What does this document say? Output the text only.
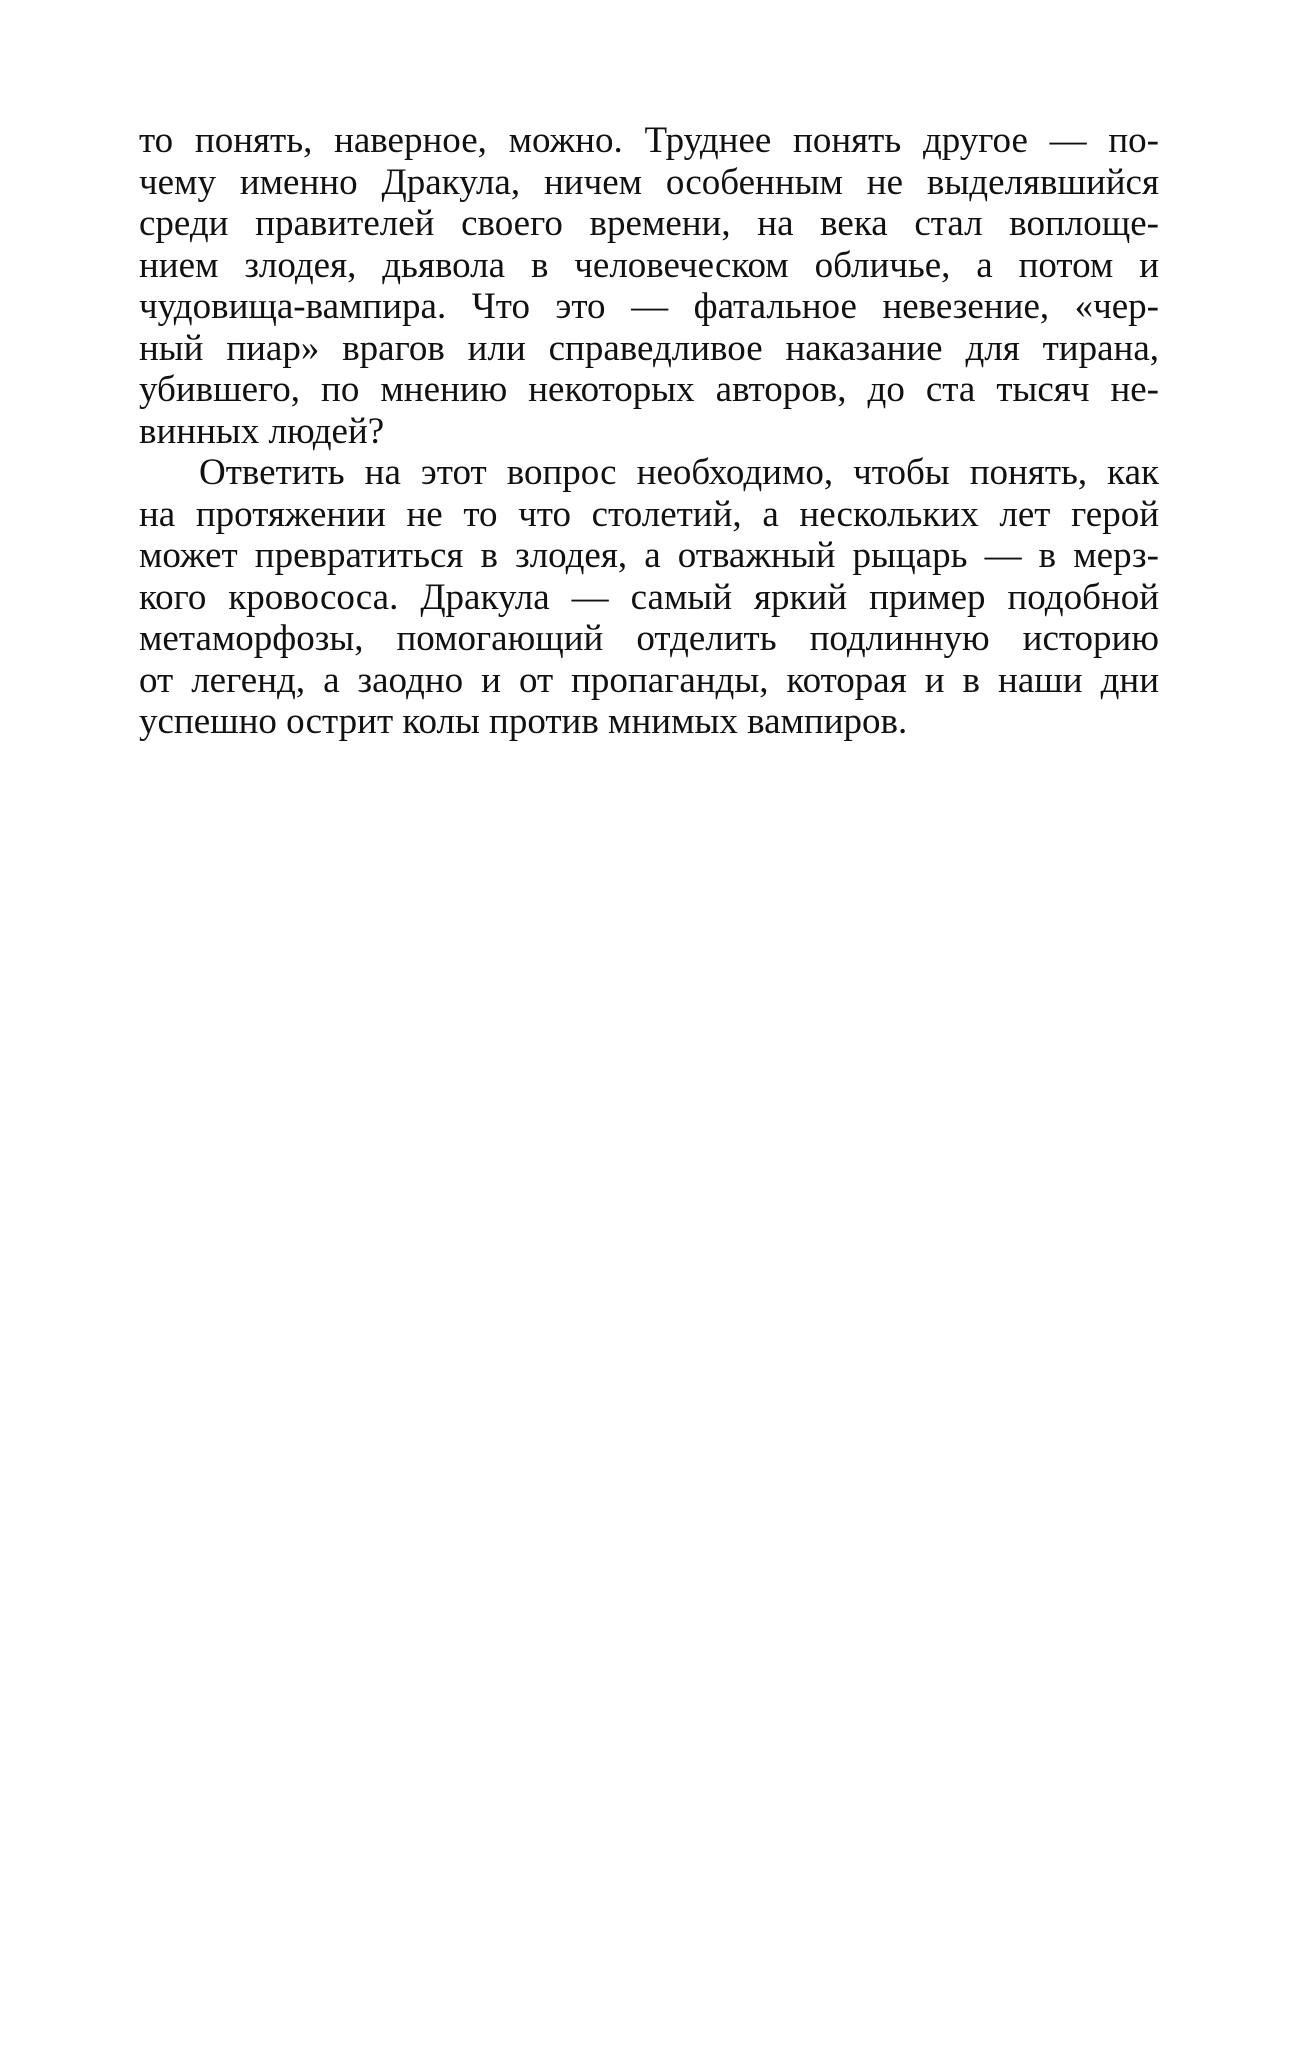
то понять, наверное, можно. Труднее понять другое — по-
чему именно Дракула, ничем особенным не выделявшийся
среди правителей своего времени, на века стал воплоще-
нием злодея, дьявола в человеческом обличье, а потом и
чудовища-вампира. Что это — фатальное невезение, «чер-
ный пиар» врагов или справедливое наказание для тирана,
убившего, по мнению некоторых авторов, до ста тысяч не-
винных людей?
Ответить на этот вопрос необходимо, чтобы понять, как
на протяжении не то что столетий, а нескольких лет герой
может превратиться в злодея, а отважный рыцарь — в мерз-
кого кровососа. Дракула — самый яркий пример подобной
метаморфозы, помогающий отделить подлинную историю
от легенд, а заодно и от пропаганды, которая и в наши дни
успешно острит колы против мнимых вампиров.
